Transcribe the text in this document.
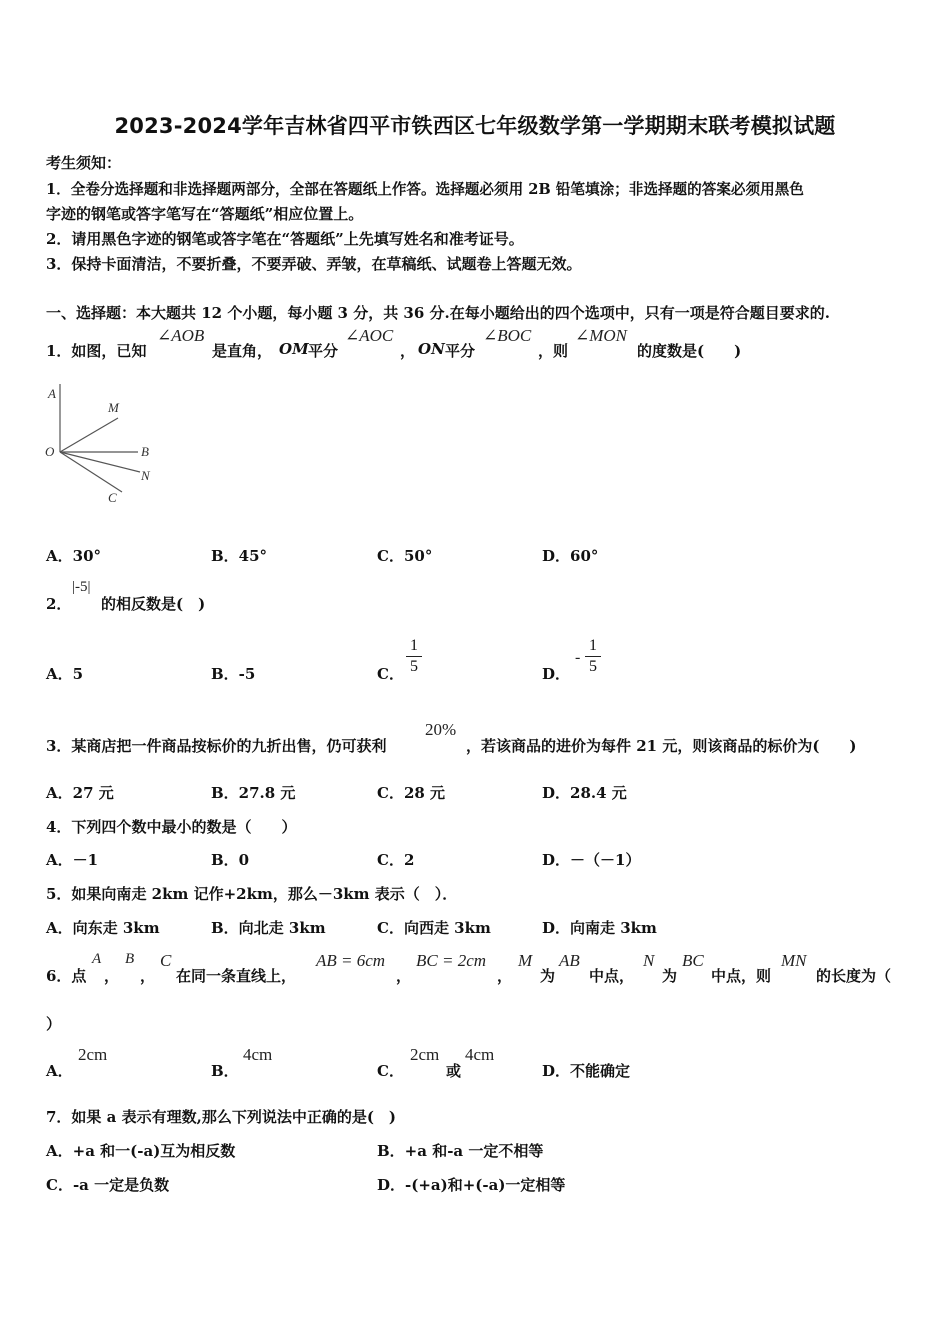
2023-2024学年吉林省四平市铁西区七年级数学第一学期期末联考模拟试题
考生须知：
1．全卷分选择题和非选择题两部分，全部在答题纸上作答。选择题必须用 2B 铅笔填涂；非选择题的答案必须用黑色
字迹的钢笔或答字笔写在“答题纸”相应位置上。
2．请用黑色字迹的钢笔或答字笔在“答题纸”上先填写姓名和准考证号。
3．保持卡面清洁，不要折叠，不要弄破、弄皱，在草稿纸、试题卷上答题无效。
一、选择题：本大题共 12 个小题，每小题 3 分，共 36 分.在每小题给出的四个选项中，只有一项是符合题目要求的.
1．如图，已知
∠AOB
是直角， OM 平分
∠AOC
， ON 平分
∠BOC
，则
∠MON
的度数是(　　)
A
M
O	B
N
C
A．30°	B．45°	C．50°	D．60°
2．
|-5|
的相反数是(　)
A．5	B．-5	C．
1
5	D．
-
1
5
3．某商店把一件商品按标价的九折出售，仍可获利
20%
，若该商品的进价为每件 21 元，则该商品的标价为(　　)
A．27 元	B．27.8 元	C．28 元	D．28.4 元
4．下列四个数中最小的数是（　　）
A．－1	B．0	C．2	D．－（－1）
5．如果向南走 2km 记作+2km，那么－3km 表示（　）．
A．向东走 3km	B．向北走 3km	C．向西走 3km	D．向南走 3km
6．点
A
，
B
，
C
在同一条直线上，
AB = 6cm
，
BC = 2cm
，
M
为
AB
中点，
N
为
BC
中点，则
MN
的长度为（
）
A．
2cm
B．
4cm
C．
2cm
或
4cm
D．不能确定
7．如果 a 表示有理数,那么下列说法中正确的是(　)
A．+a 和一(-a)互为相反数	B．+a 和-a 一定不相等
C．-a 一定是负数	D．-(+a)和+(-a)一定相等
